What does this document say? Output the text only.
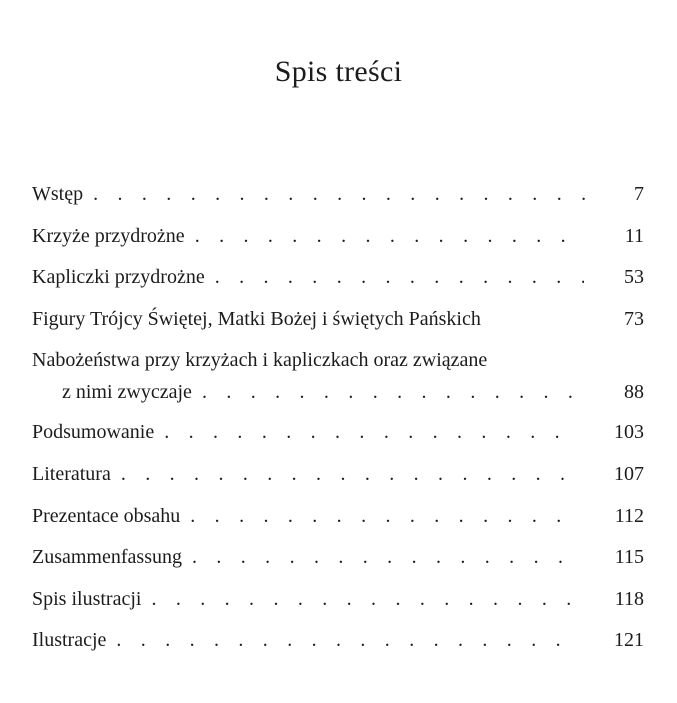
Spis treści
Wstęp . . .	7
Krzyże przydrożne . . .	11
Kapliczki przydrożne . . .	53
Figury Trójcy Świętej, Matki Bożej i świętych Pańskich	73
Nabożeństwa przy krzyżach i kapliczkach oraz związane
z nimi zwyczaje . . .	88
Podsumowanie . . .	103
Literatura . . .	107
Prezentace obsahu . . .	112
Zusammenfassung . . .	115
Spis ilustracji . . .	118
Ilustracje . . .	121
